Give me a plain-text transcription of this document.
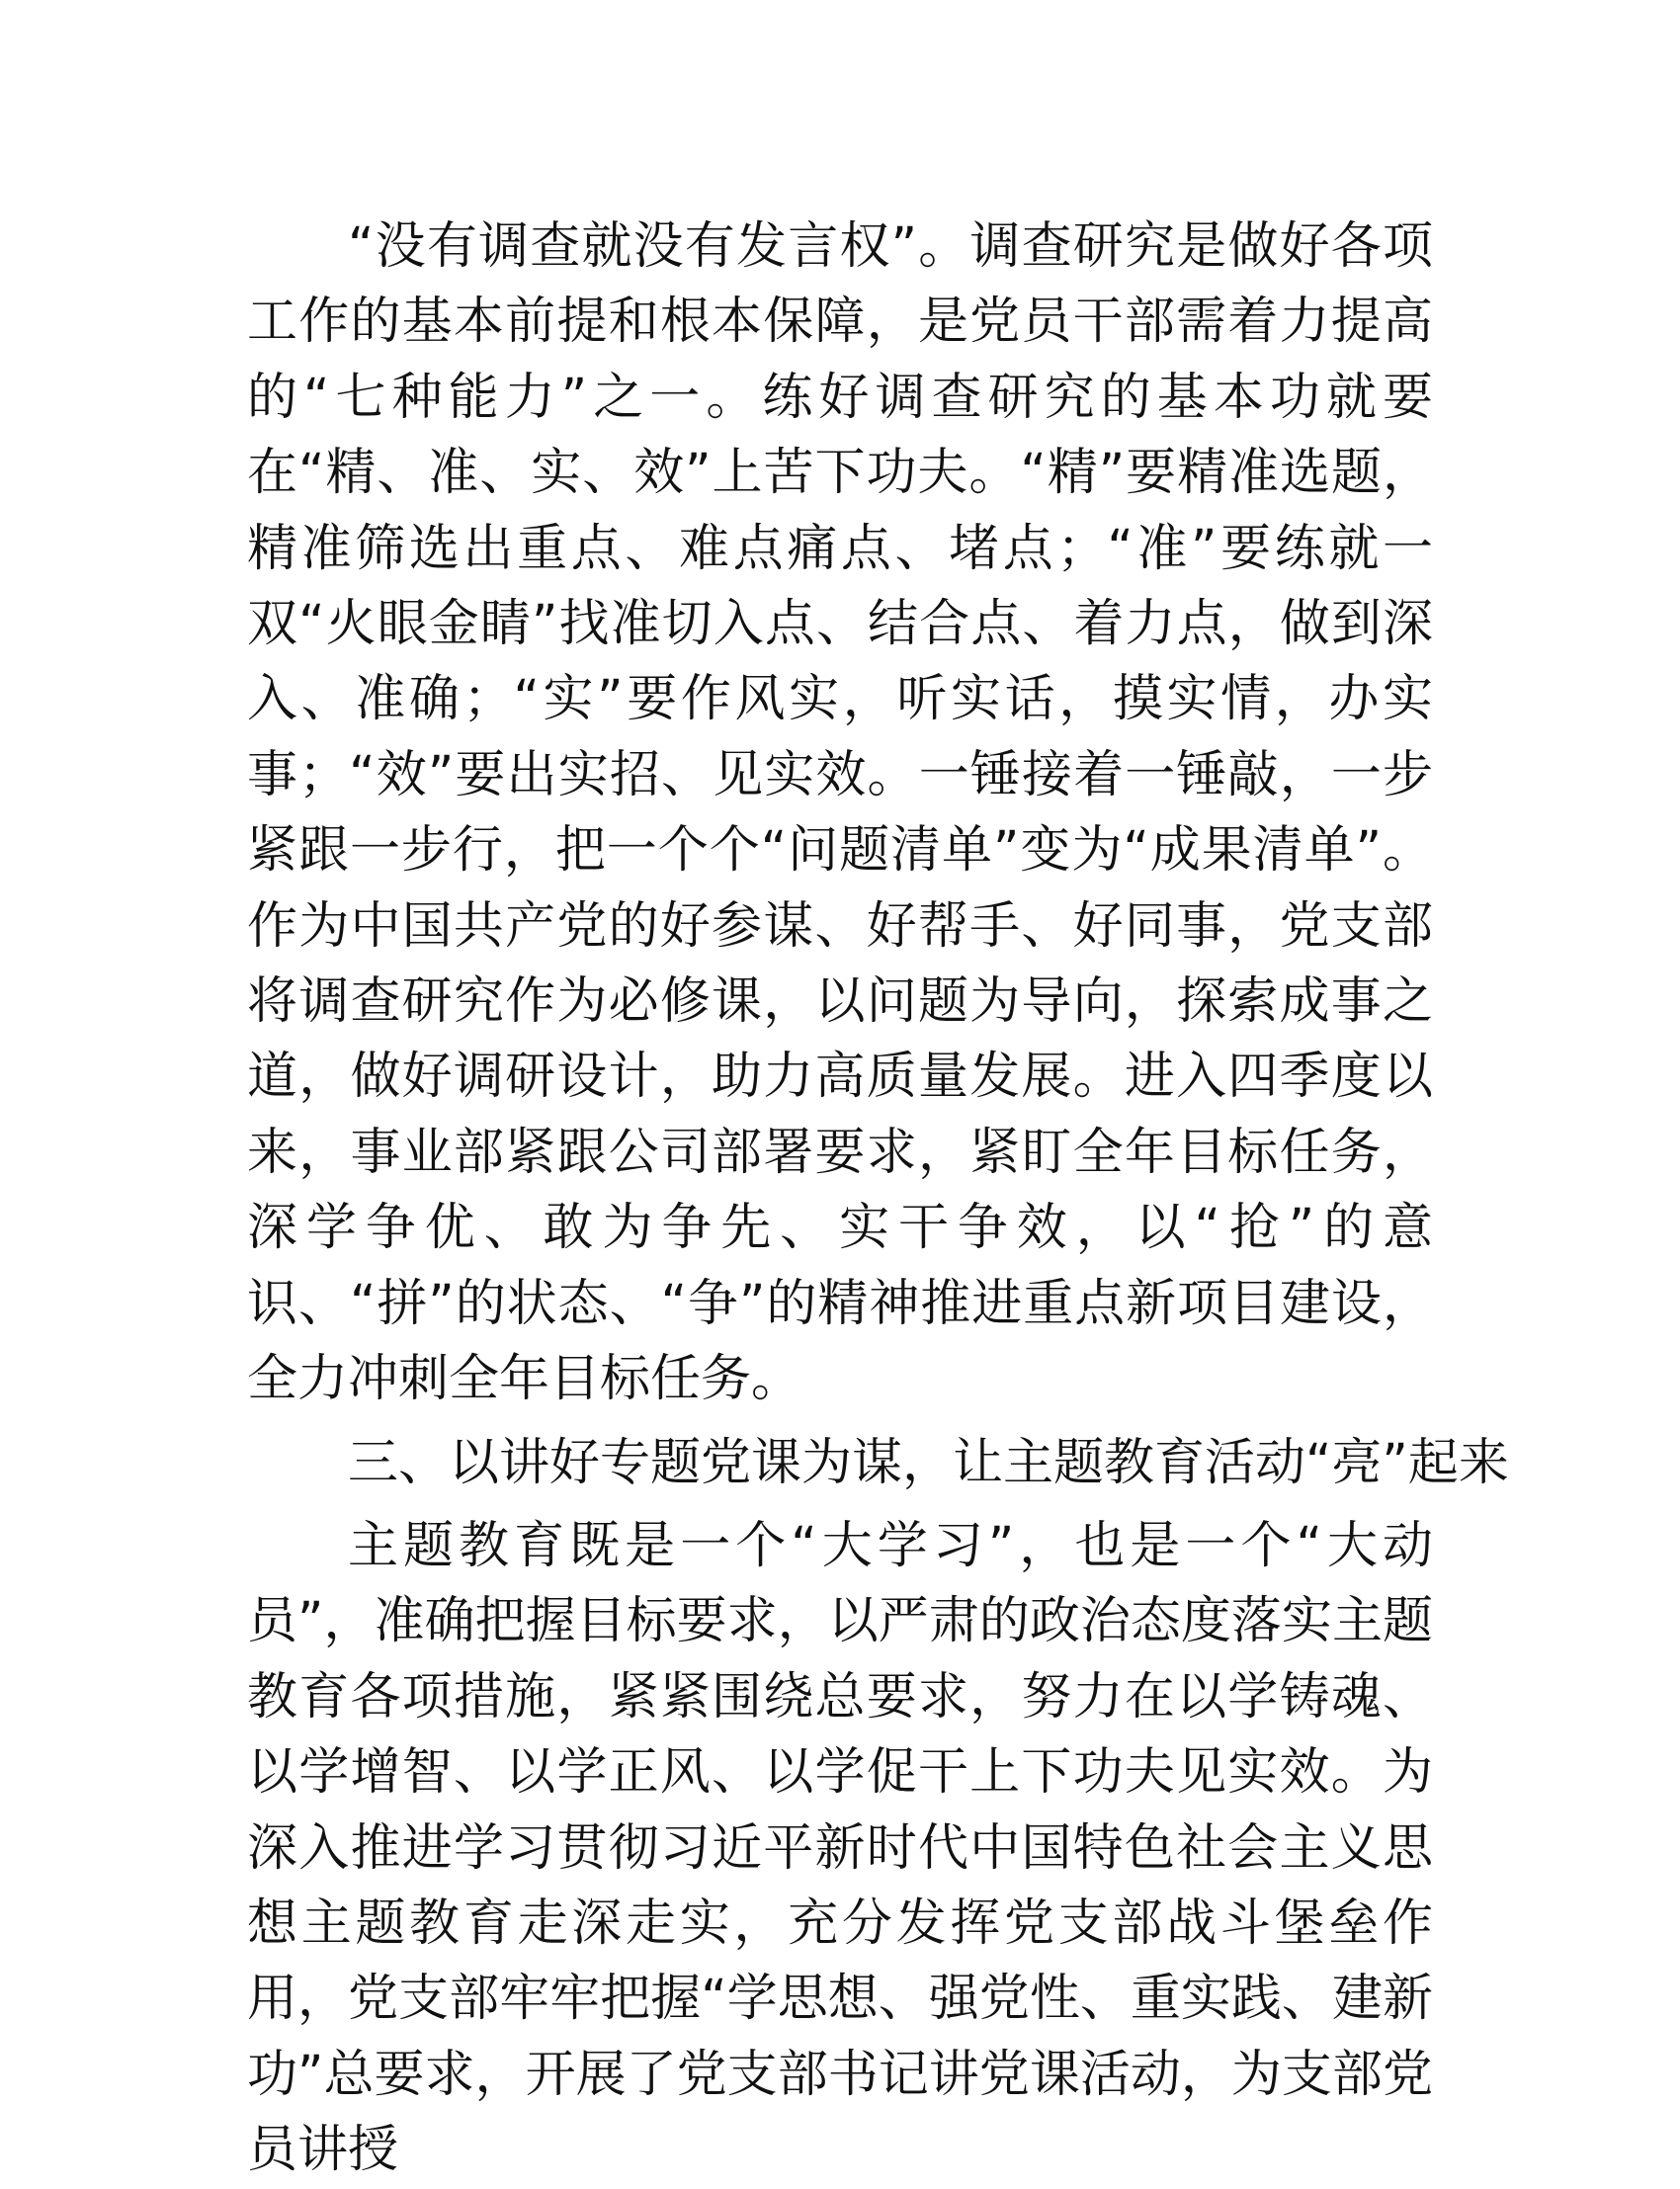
“没有调查就没有发言权”。调查研究是做好各项工作的基本前提和根本保障，是党员干部需着力提高的“七种能力”之一。练好调查研究的基本功就要在“精、准、实、效”上苦下功夫。“精”要精准选题，精准筛选出重点、难点痛点、堵点；“准”要练就一双“火眼金睛”找准切入点、结合点、着力点，做到深入、准确；“实”要作风实，听实话，摸实情，办实事；“效”要出实招、见实效。一锤接着一锤敲，一步紧跟一步行，把一个个“问题清单”变为“成果清单”。作为中国共产党的好参谋、好帮手、好同事，党支部将调查研究作为必修课，以问题为导向，探索成事之道，做好调研设计，助力高质量发展。进入四季度以来，事业部紧跟公司部署要求，紧盯全年目标任务，深学争优、敢为争先、实干争效，以“抢”的意识、“拼”的状态、“争”的精神推进重点新项目建设，全力冲刺全年目标任务。

三、以讲好专题党课为谋，让主题教育活动“亮”起来

主题教育既是一个“大学习”，也是一个“大动员”，准确把握目标要求，以严肃的政治态度落实主题教育各项措施，紧紧围绕总要求，努力在以学铸魂、以学增智、以学正风、以学促干上下功夫见实效。为深入推进学习贯彻习近平新时代中国特色社会主义思想主题教育走深走实，充分发挥党支部战斗堡垒作用，党支部牢牢把握“学思想、强党性、重实践、建新功”总要求，开展了党支部书记讲党课活动，为支部党员讲授
